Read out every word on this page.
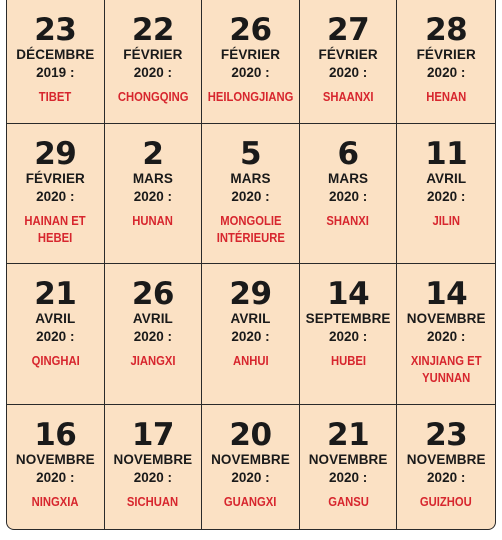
23
DÉCEMBRE
2019 :
TIBET
22
FÉVRIER
2020 :
CHONGQING
26
FÉVRIER
2020 :
HEILONGJIANG
27
FÉVRIER
2020 :
SHAANXI
28
FÉVRIER
2020 :
HENAN
29
FÉVRIER
2020 :
HAINAN ET
HEBEI
2
MARS
2020 :
HUNAN
5
MARS
2020 :
MONGOLIE
INTÉRIEURE
6
MARS
2020 :
SHANXI
11
AVRIL
2020 :
JILIN
21
AVRIL
2020 :
QINGHAI
26
AVRIL
2020 :
JIANGXI
29
AVRIL
2020 :
ANHUI
14
SEPTEMBRE
2020 :
HUBEI
14
NOVEMBRE
2020 :
XINJIANG ET
YUNNAN
16
NOVEMBRE
2020 :
NINGXIA
17
NOVEMBRE
2020 :
SICHUAN
20
NOVEMBRE
2020 :
GUANGXI
21
NOVEMBRE
2020 :
GANSU
23
NOVEMBRE
2020 :
GUIZHOU
